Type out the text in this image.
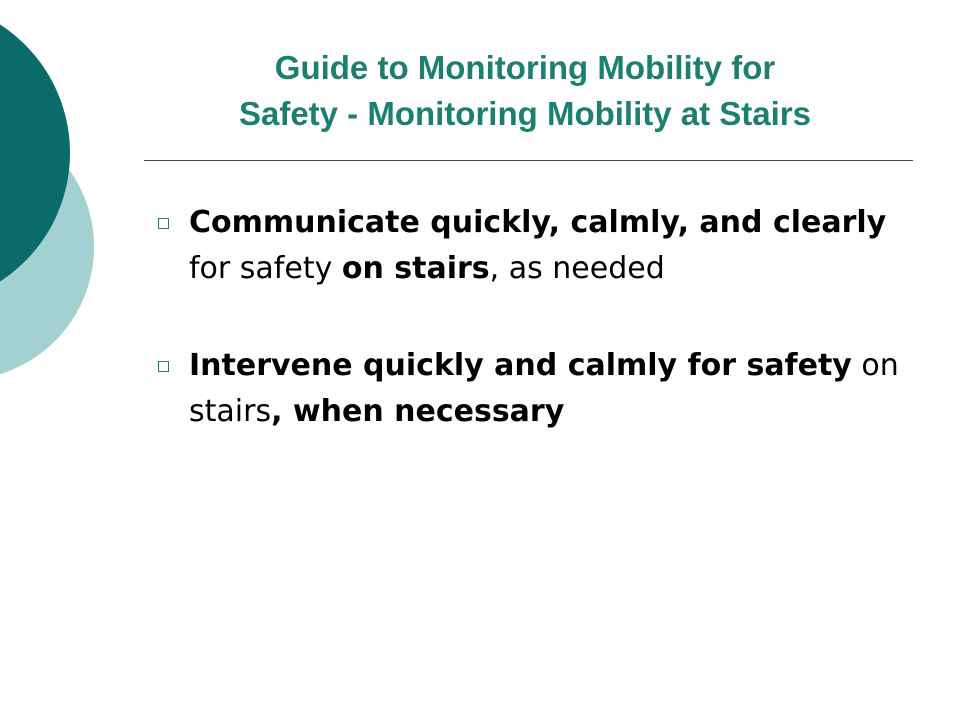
Guide to Monitoring Mobility for
Safety - Monitoring Mobility at Stairs
Communicate quickly, calmly, and clearly for safety on stairs, as needed
Intervene quickly and calmly for safety on stairs, when necessary
